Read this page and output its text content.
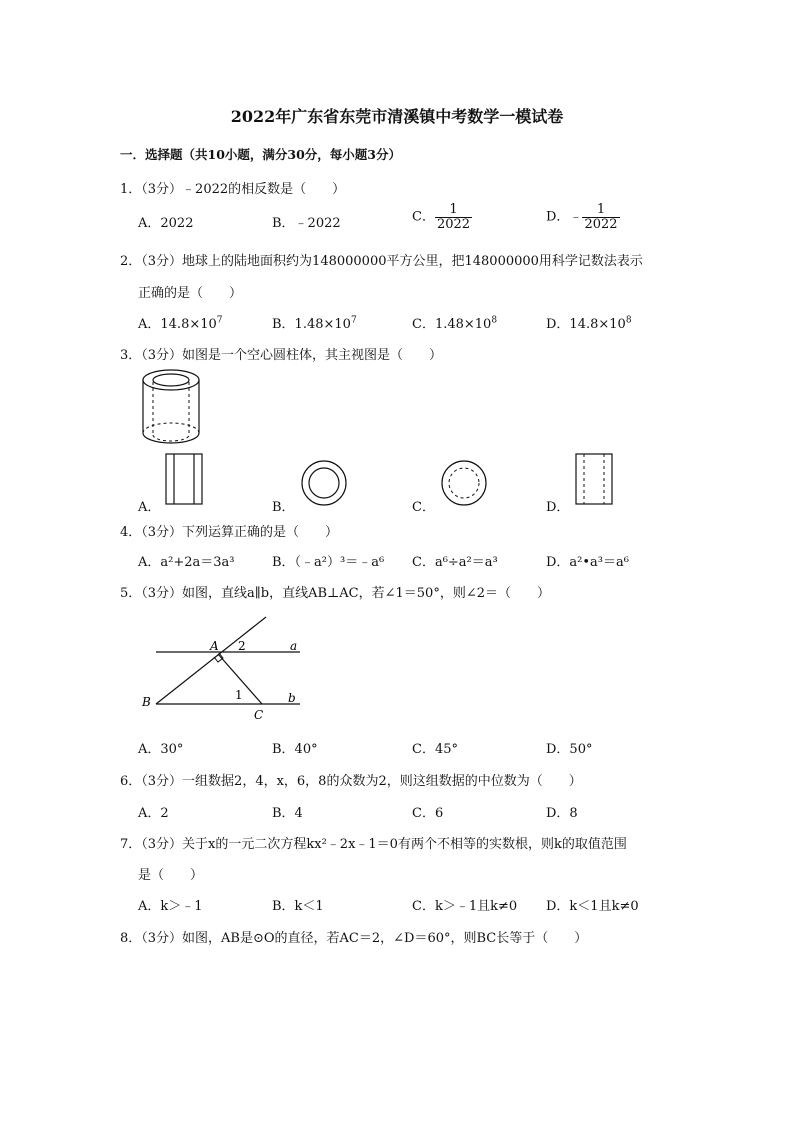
2022年广东省东莞市清溪镇中考数学一模试卷
一．选择题（共10小题，满分30分，每小题3分）
1．（3分）﹣2022的相反数是（　　）
A．2022	B．﹣2022	C． $\frac{1}{2022}$	D．﹣ $\frac{1}{2022}$
2．（3分）地球上的陆地面积约为148000000平方公里，把148000000用科学记数法表示
正确的是（　　）
A．$14.8\times 10^7$	B．$1.48\times 10^7$	C．$1.48\times 10^8$	D．$14.8\times 10^8$
3．（3分）如图是一个空心圆柱体，其主视图是（　　）
A．	B．	C．	D．
4．（3分）下列运算正确的是（　　）
A．a²+2a＝3a³	B．（﹣a²）³＝﹣a⁶ C．a⁶÷a²＝a³	D．a²•a³＝a⁶
5．（3分）如图，直线a∥b，直线AB⊥AC，若∠1＝50°，则∠2＝（　　）
A 2	a
B	1
C
b
A．30°	B．40°	C．45°	D．50°
6．（3分）一组数据2，4，x，6，8的众数为2，则这组数据的中位数为（　　）
A．2	B．4	C．6	D．8
7．（3分）关于x的一元二次方程kx²﹣2x﹣1＝0有两个不相等的实数根，则k的取值范围
是（　　）
A．k＞﹣1	B．k＜1	C．k＞﹣1且k≠0 D．k＜1且k≠0
8．（3分）如图，AB是⊙O的直径，若AC＝2，∠D＝60°，则BC长等于（　　）
